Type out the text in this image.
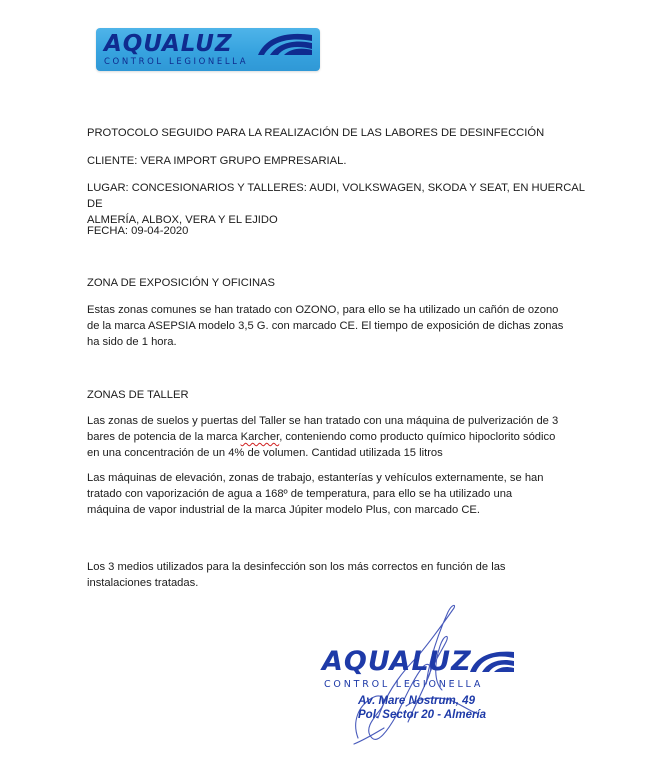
AQUALUZ
CONTROL LEGIONELLA

PROTOCOLO SEGUIDO PARA LA REALIZACIÓN DE LAS LABORES DE DESINFECCIÓN

CLIENTE: VERA IMPORT GRUPO EMPRESARIAL.

LUGAR: CONCESIONARIOS Y TALLERES: AUDI, VOLKSWAGEN, SKODA Y SEAT, EN HUERCAL DE
ALMERÍA, ALBOX, VERA Y EL EJIDO

FECHA: 09-04-2020

ZONA DE EXPOSICIÓN Y OFICINAS

Estas zonas comunes se han tratado con OZONO, para ello se ha utilizado un cañón de ozono
de la marca ASEPSIA modelo 3,5 G. con marcado CE. El tiempo de exposición de dichas zonas
ha sido de 1 hora.

ZONAS DE TALLER

Las zonas de suelos y puertas del Taller se han tratado con una máquina de pulverización de 3
bares de potencia de la marca Karcher, conteniendo como producto químico hipoclorito sódico
en una concentración de un 4% de volumen. Cantidad utilizada 15 litros
Las máquinas de elevación, zonas de trabajo, estanterías y vehículos externamente, se han
tratado con vaporización de agua a 168º de temperatura, para ello se ha utilizado una
máquina de vapor industrial de la marca Júpiter modelo Plus, con marcado CE.
Los 3 medios utilizados para la desinfección son los más correctos en función de las
instalaciones tratadas.
AQUALUZ
CONTROL LEGIONELLA
Av. Mare Nostrum, 49
Pol. Sector 20 - Almería
